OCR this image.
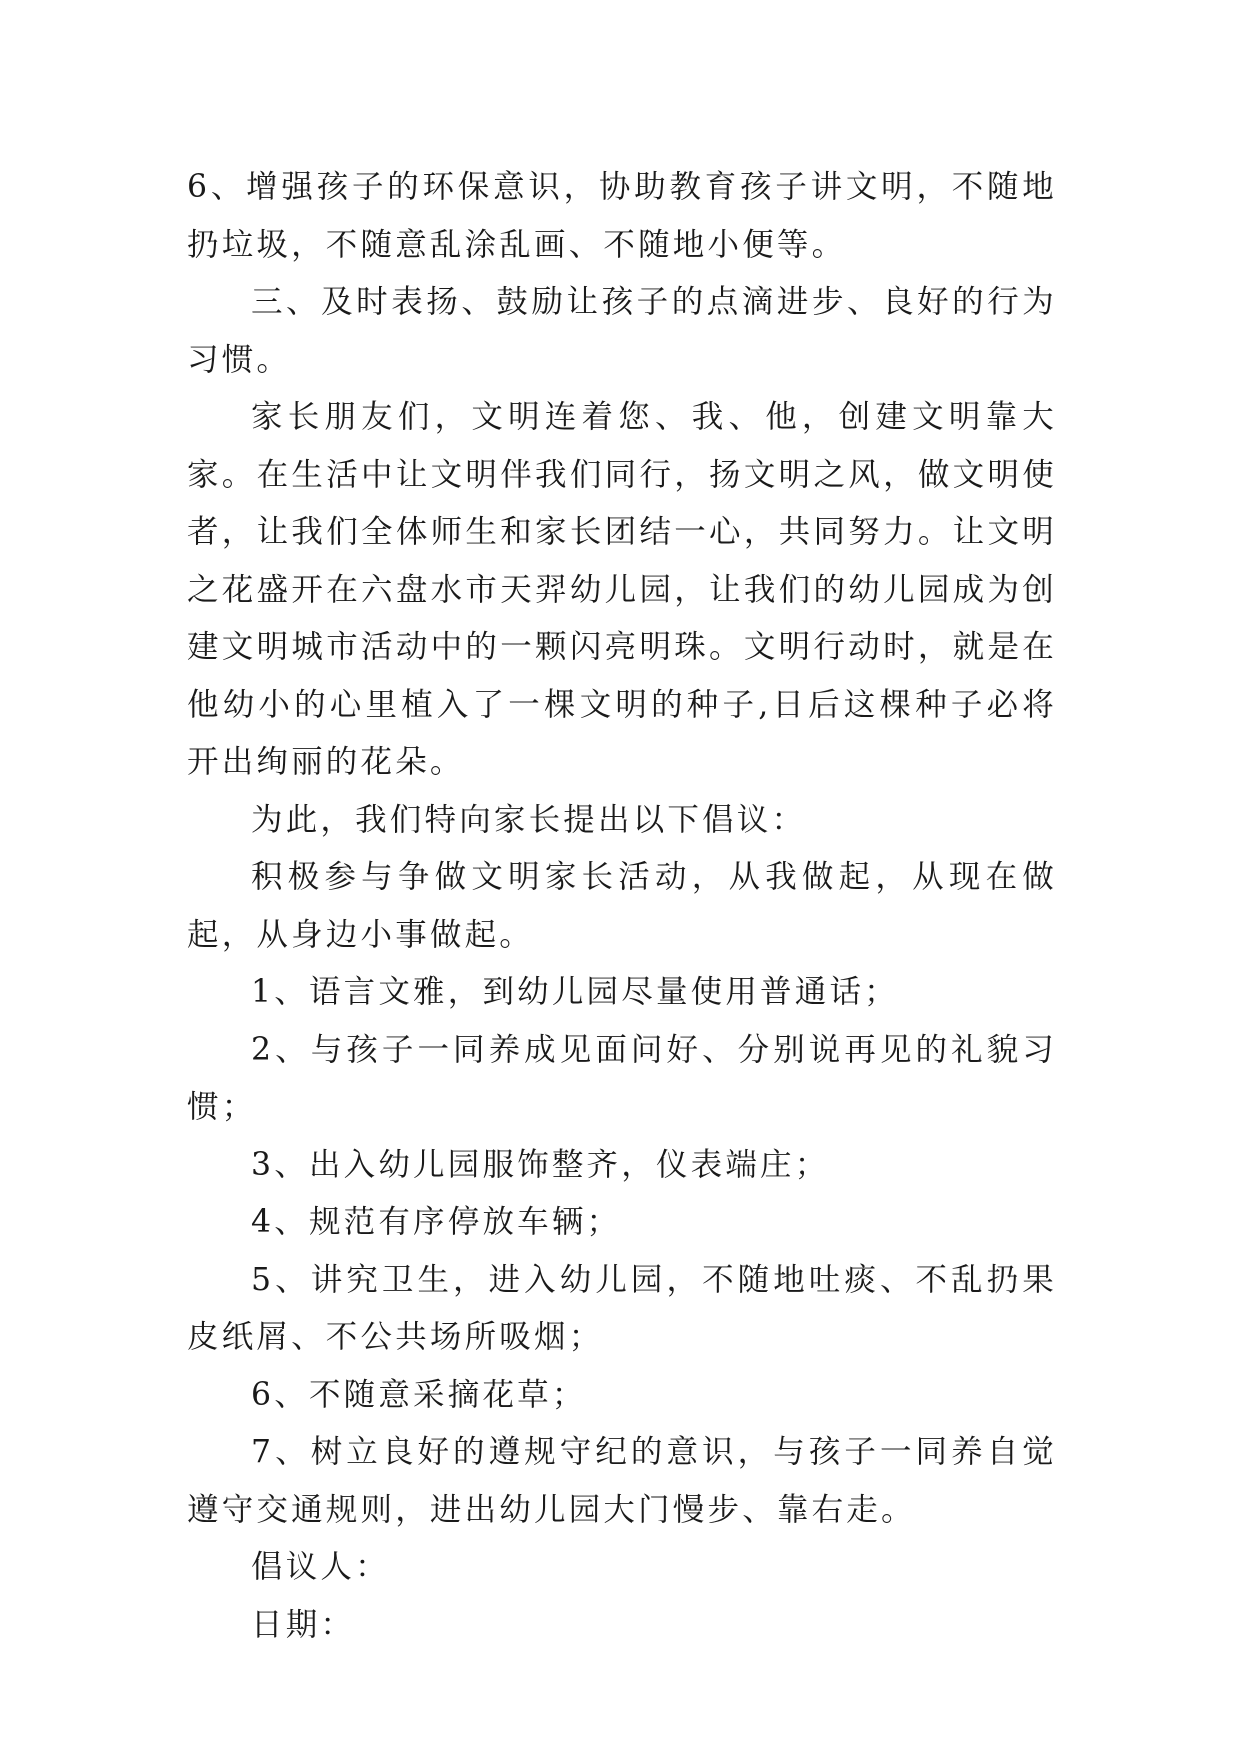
6、增强孩子的环保意识，协助教育孩子讲文明，不随地扔垃圾，不随意乱涂乱画、不随地小便等。

三、及时表扬、鼓励让孩子的点滴进步、良好的行为习惯。

家长朋友们，文明连着您、我、他，创建文明靠大家。在生活中让文明伴我们同行，扬文明之风，做文明使者，让我们全体师生和家长团结一心，共同努力。让文明之花盛开在六盘水市天羿幼儿园，让我们的幼儿园成为创建文明城市活动中的一颗闪亮明珠。文明行动时，就是在他幼小的心里植入了一棵文明的种子,日后这棵种子必将开出绚丽的花朵。

为此，我们特向家长提出以下倡议：

积极参与争做文明家长活动，从我做起，从现在做起，从身边小事做起。

1、语言文雅，到幼儿园尽量使用普通话；

2、与孩子一同养成见面问好、分别说再见的礼貌习惯；

3、出入幼儿园服饰整齐，仪表端庄；

4、规范有序停放车辆；

5、讲究卫生，进入幼儿园，不随地吐痰、不乱扔果皮纸屑、不公共场所吸烟；

6、不随意采摘花草；

7、树立良好的遵规守纪的意识，与孩子一同养自觉遵守交通规则，进出幼儿园大门慢步、靠右走。

倡议人：

日期：
